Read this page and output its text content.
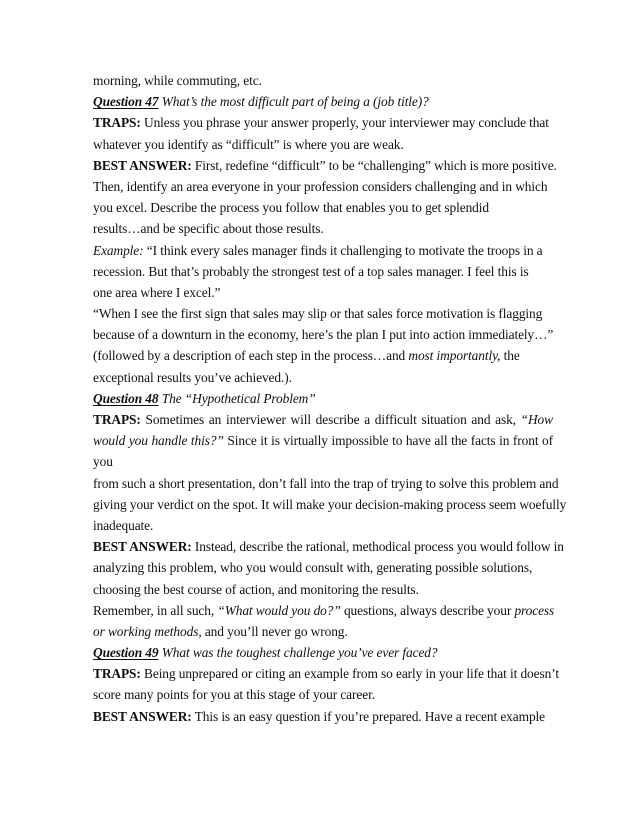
morning, while commuting, etc.
Question 47 What’s the most difficult part of being a (job title)?
TRAPS: Unless you phrase your answer properly, your interviewer may conclude that
whatever you identify as “difficult” is where you are weak.
BEST ANSWER: First, redefine “difficult” to be “challenging” which is more positive.
Then, identify an area everyone in your profession considers challenging and in which
you excel. Describe the process you follow that enables you to get splendid
results…and be specific about those results.
Example: “I think every sales manager finds it challenging to motivate the troops in a
recession. But that’s probably the strongest test of a top sales manager. I feel this is
one area where I excel.”
“When I see the first sign that sales may slip or that sales force motivation is flagging
because of a downturn in the economy, here’s the plan I put into action immediately…”
(followed by a description of each step in the process…and most importantly, the
exceptional results you’ve achieved.).
Question 48 The “Hypothetical Problem”
TRAPS: Sometimes an interviewer will describe a difficult situation and ask, “How
would you handle this?” Since it is virtually impossible to have all the facts in front of
you
from such a short presentation, don’t fall into the trap of trying to solve this problem and
giving your verdict on the spot. It will make your decision-making process seem woefully
inadequate.
BEST ANSWER: Instead, describe the rational, methodical process you would follow in
analyzing this problem, who you would consult with, generating possible solutions,
choosing the best course of action, and monitoring the results.
Remember, in all such, “What would you do?” questions, always describe your process
or working methods, and you’ll never go wrong.
Question 49 What was the toughest challenge you’ve ever faced?
TRAPS: Being unprepared or citing an example from so early in your life that it doesn’t
score many points for you at this stage of your career.
BEST ANSWER: This is an easy question if you’re prepared. Have a recent example
